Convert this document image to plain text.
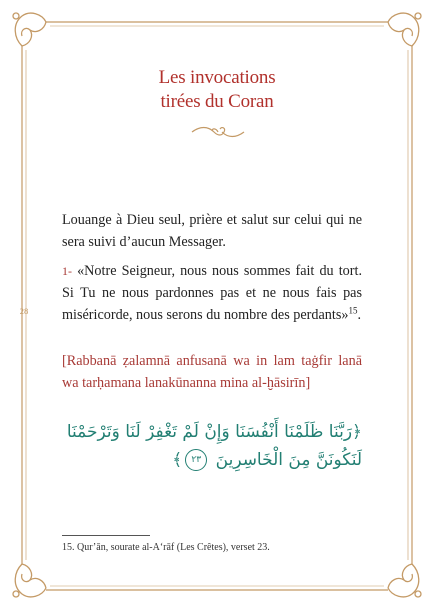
Les invocations
tirées du Coran
28
Louange à Dieu seul, prière et salut sur celui qui ne sera suivi d’aucun Messager.
1- «Notre Seigneur, nous nous sommes fait du tort. Si Tu ne nous pardonnes pas et ne nous fais pas miséricorde, nous serons du nombre des perdants»$^{15}$.
[Rabbanā ẓalamnā anfusanā wa in lam taġfir lanā wa tarḥamana lanakūnanna mina al-ḫāsirīn]
﴿رَبَّنَا ظَلَمْنَا أَنْفُسَنَا وَإِنْ لَمْ تَغْفِرْ لَنَا وَتَرْحَمْنَا لَنَكُونَنَّ مِنَ الْخَاسِرِينَ ٢٣﴾
15. Qur’ān, sourate al-A‘rāf (Les Crêtes), verset 23.
